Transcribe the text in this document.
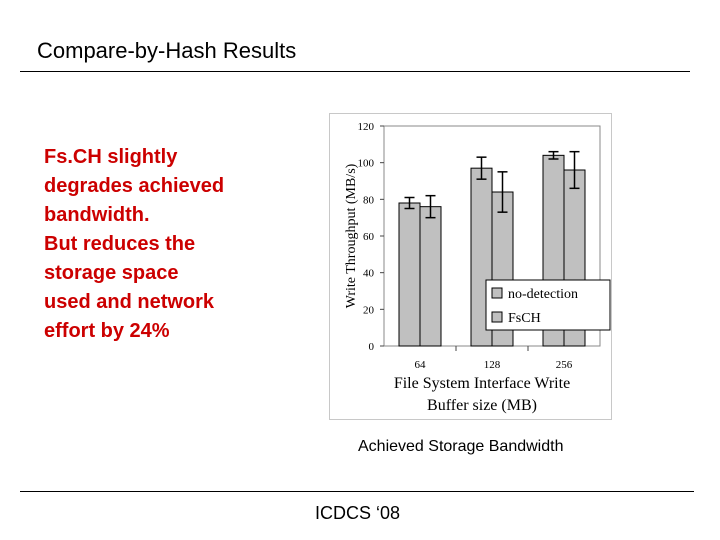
Compare-by-Hash Results
Fs.CH slightly
degrades achieved
bandwidth.
But reduces the
storage space
used and network
effort by 24%
0
20
40
60
80
100
120
Write Throughput (MB/s)
64	128	256
File System Interface Write
Buffer size (MB)
no-detection
FsCH
Achieved Storage Bandwidth
ICDCS ‘08
